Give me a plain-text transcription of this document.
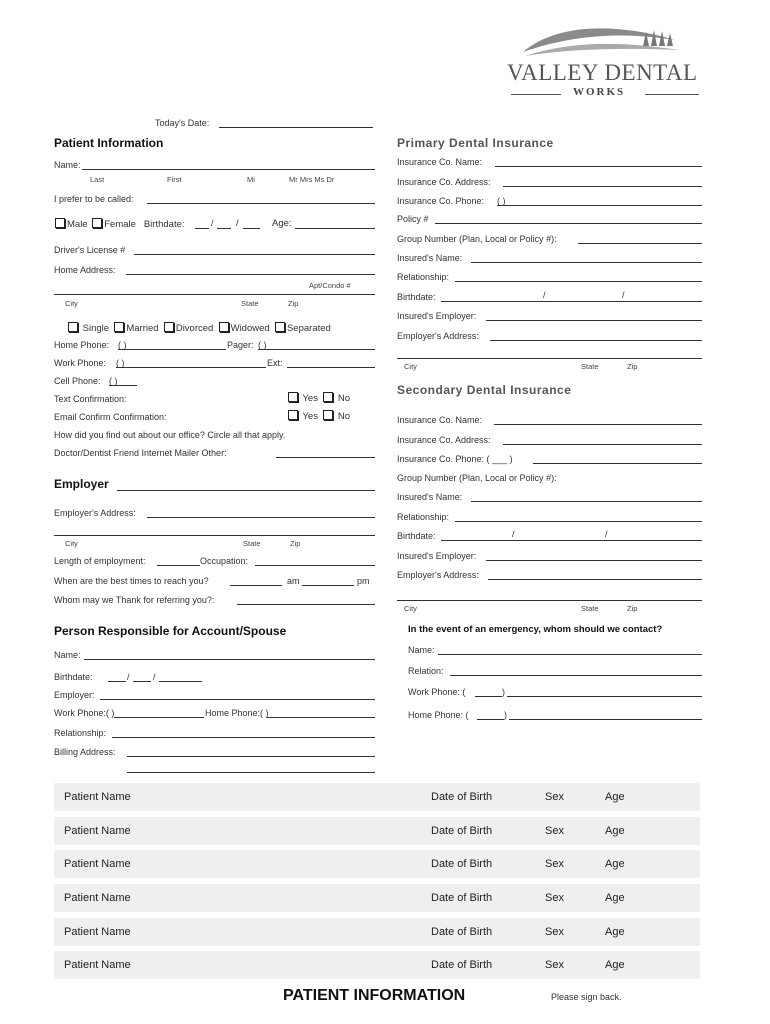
VALLEY DENTAL
WORKS
Today's Date:
Patient Information
Name:
Last	First	Mi	Mr Mrs Ms Dr
I prefer to be called:
Male Female Birthdate:	/ /	Age:
Driver's License #
Home Address:
Apt/Condo #
City	State	Zip
Single Married Divorced Widowed Separated
Home Phone: ( )	Pager: ( )
Work Phone: ( )	Ext:
Cell Phone: ( )
Text Confirmation:	Yes No
Email Confirm Confirmation:	Yes No
How did you find out about our office? Circle all that apply.
Doctor/Dentist Friend Internet Mailer Other:
Employer
Employer's Address:
City	State	Zip
Length of employment:	Occupation:
When are the best times to reach you?	am	pm
Whom may we Thank for referring you?:
Person Responsible for Account/Spouse
Name:
Birthdate:	/	/
Employer:
Work Phone:( )	Home Phone:( )
Relationship:
Billing Address:
Primary Dental Insurance
Insurance Co. Name:
Insurance Co. Address:
Insurance Co. Phone: ( )
Policy #
Group Number (Plan, Local or Policy #):
Insured's Name:
Relationship:
Birthdate:	/	/
Insured's Employer:
Employer's Address:
City	State	Zip
Secondary Dental Insurance
Insurance Co. Name:
Insurance Co. Address:
Insurance Co. Phone: ( ___ )
Group Number (Plan, Local or Policy #):
Insured's Name:
Relationship:
Birthdate:	/	/
Insured's Employer:
Employer's Address:
City	State	Zip
In the event of an emergency, whom should we contact?
Name:
Relation:
Work Phone: (	)
Home Phone: (	)
Patient Name	Date of Birth	Sex	Age
Patient Name	Date of Birth	Sex	Age
Patient Name	Date of Birth	Sex	Age
Patient Name	Date of Birth	Sex	Age
Patient Name	Date of Birth	Sex	Age
Patient Name	Date of Birth	Sex	Age
PATIENT INFORMATION	Please sign back.
